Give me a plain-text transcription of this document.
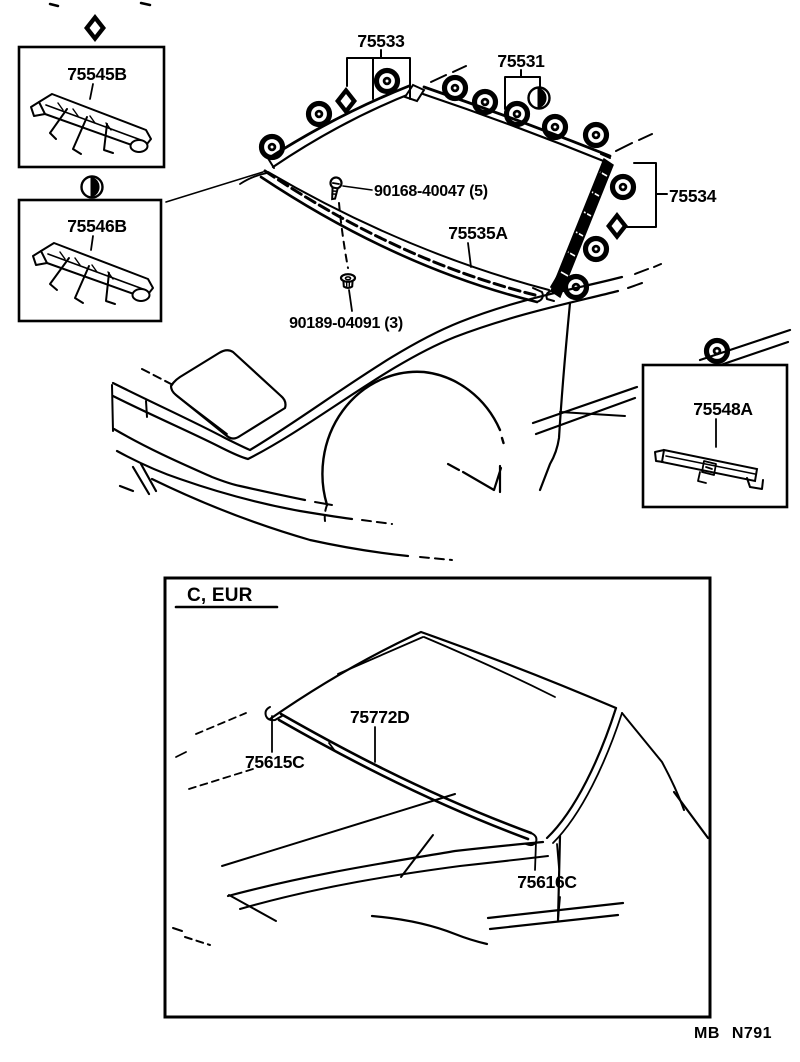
75545B
75546B
75533
75531
75534
75535A
90168-40047 (5)
90189-04091 (3)
75548A
C, EUR
75772D
75615C
75616C
MB N791
